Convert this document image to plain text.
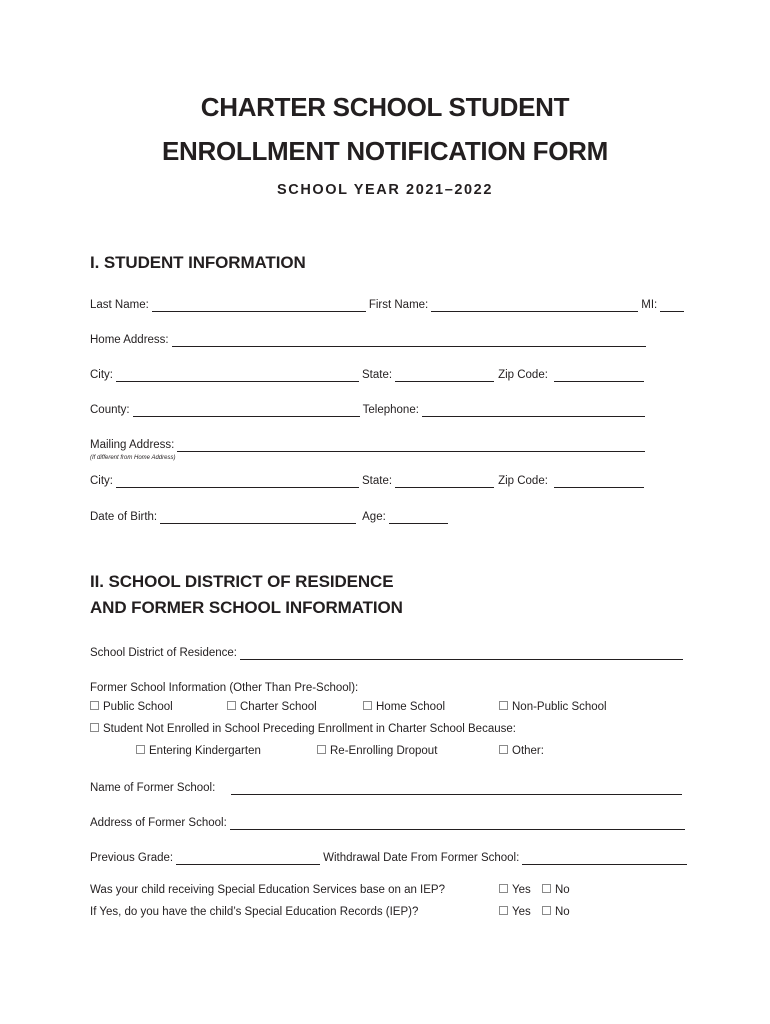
CHARTER SCHOOL STUDENT
ENROLLMENT NOTIFICATION FORM
SCHOOL YEAR 2021–2022
I. STUDENT INFORMATION
Last Name:	First Name:	MI:
Home Address:
City:	State:	Zip Code:
County:	Telephone:
Mailing Address:
(If different from Home Address)
City:	State:	Zip Code:
Date of Birth:	Age:
II. SCHOOL DISTRICT OF RESIDENCE
AND FORMER SCHOOL INFORMATION
School District of Residence:
Former School Information (Other Than Pre-School):
Public School	Charter School	Home School	Non-Public School
Student Not Enrolled in School Preceding Enrollment in Charter School Because:
Entering Kindergarten	Re-Enrolling Dropout	Other:
Name of Former School:
Address of Former School:
Previous Grade:	Withdrawal Date From Former School:
Was your child receiving Special Education Services base on an IEP?	Yes	No
If Yes, do you have the child’s Special Education Records (IEP)?	Yes	No
